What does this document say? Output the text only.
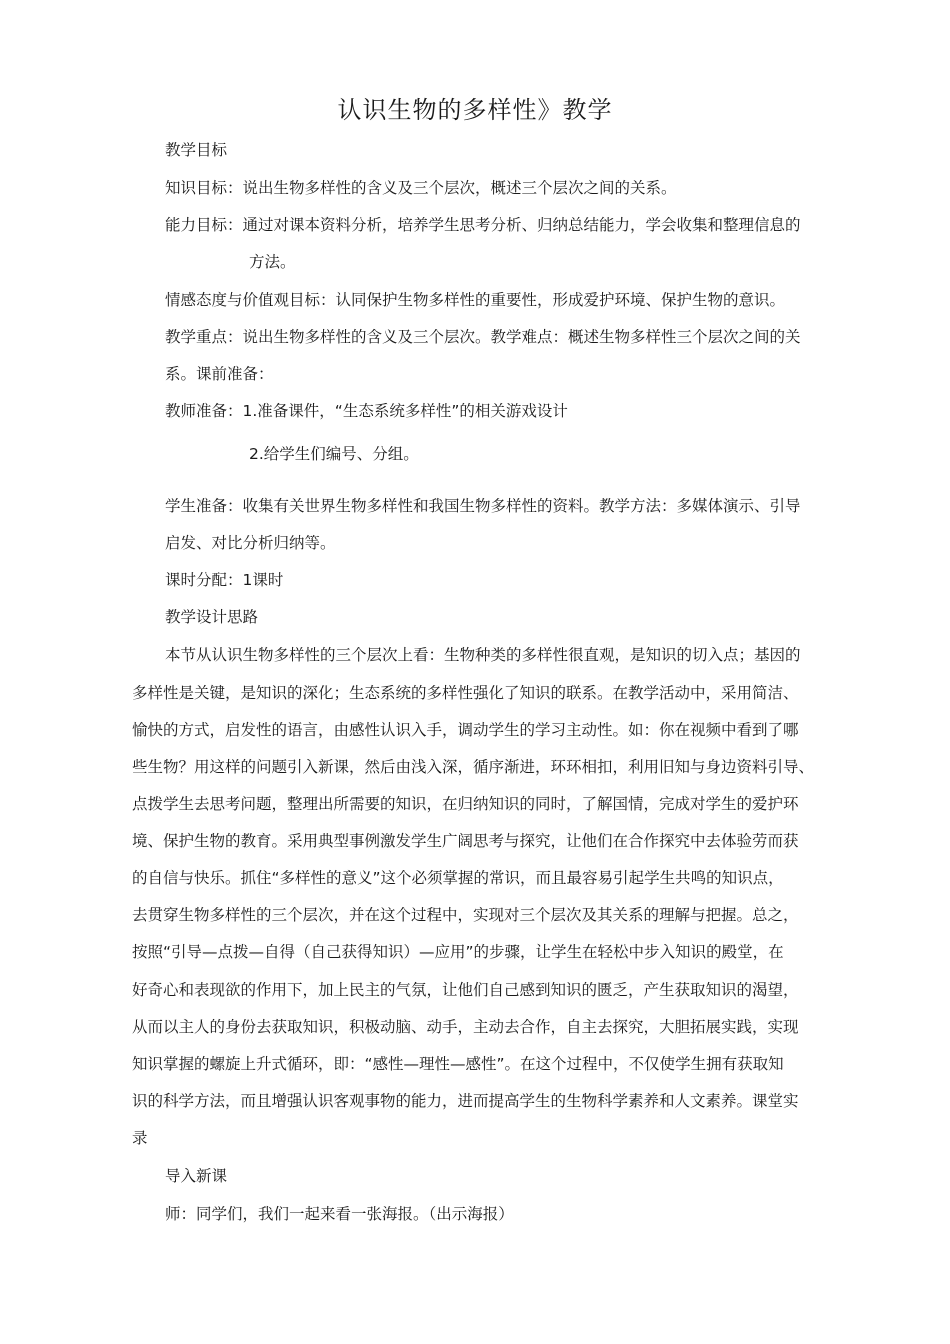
认识生物的多样性》教学
教学目标
知识目标：说出生物多样性的含义及三个层次，概述三个层次之间的关系。
能力目标：通过对课本资料分析，培养学生思考分析、归纳总结能力，学会收集和整理信息的
方法。
情感态度与价值观目标：认同保护生物多样性的重要性，形成爱护环境、保护生物的意识。
教学重点：说出生物多样性的含义及三个层次。教学难点：概述生物多样性三个层次之间的关
系。课前准备：
教师准备：1.准备课件，“生态系统多样性”的相关游戏设计
2.给学生们编号、分组。
学生准备：收集有关世界生物多样性和我国生物多样性的资料。教学方法：多媒体演示、引导
启发、对比分析归纳等。
课时分配：1课时
教学设计思路
本节从认识生物多样性的三个层次上看：生物种类的多样性很直观，是知识的切入点；基因的
多样性是关键，是知识的深化；生态系统的多样性强化了知识的联系。在教学活动中，采用简洁、
愉快的方式，启发性的语言，由感性认识入手，调动学生的学习主动性。如：你在视频中看到了哪
些生物？用这样的问题引入新课，然后由浅入深，循序渐进，环环相扣，利用旧知与身边资料引导、
点拨学生去思考问题，整理出所需要的知识，在归纳知识的同时，了解国情，完成对学生的爱护环
境、保护生物的教育。采用典型事例激发学生广阔思考与探究，让他们在合作探究中去体验劳而获
的自信与快乐。抓住“多样性的意义”这个必须掌握的常识，而且最容易引起学生共鸣的知识点，
去贯穿生物多样性的三个层次，并在这个过程中，实现对三个层次及其关系的理解与把握。总之，
按照“引导—点拨—自得（自己获得知识）—应用”的步骤，让学生在轻松中步入知识的殿堂，在
好奇心和表现欲的作用下，加上民主的气氛，让他们自己感到知识的匮乏，产生获取知识的渴望，
从而以主人的身份去获取知识，积极动脑、动手，主动去合作，自主去探究，大胆拓展实践，实现
知识掌握的螺旋上升式循环，即：“感性—理性—感性”。在这个过程中，不仅使学生拥有获取知
识的科学方法，而且增强认识客观事物的能力，进而提高学生的生物科学素养和人文素养。课堂实
录
导入新课
师：同学们，我们一起来看一张海报。（出示海报）
